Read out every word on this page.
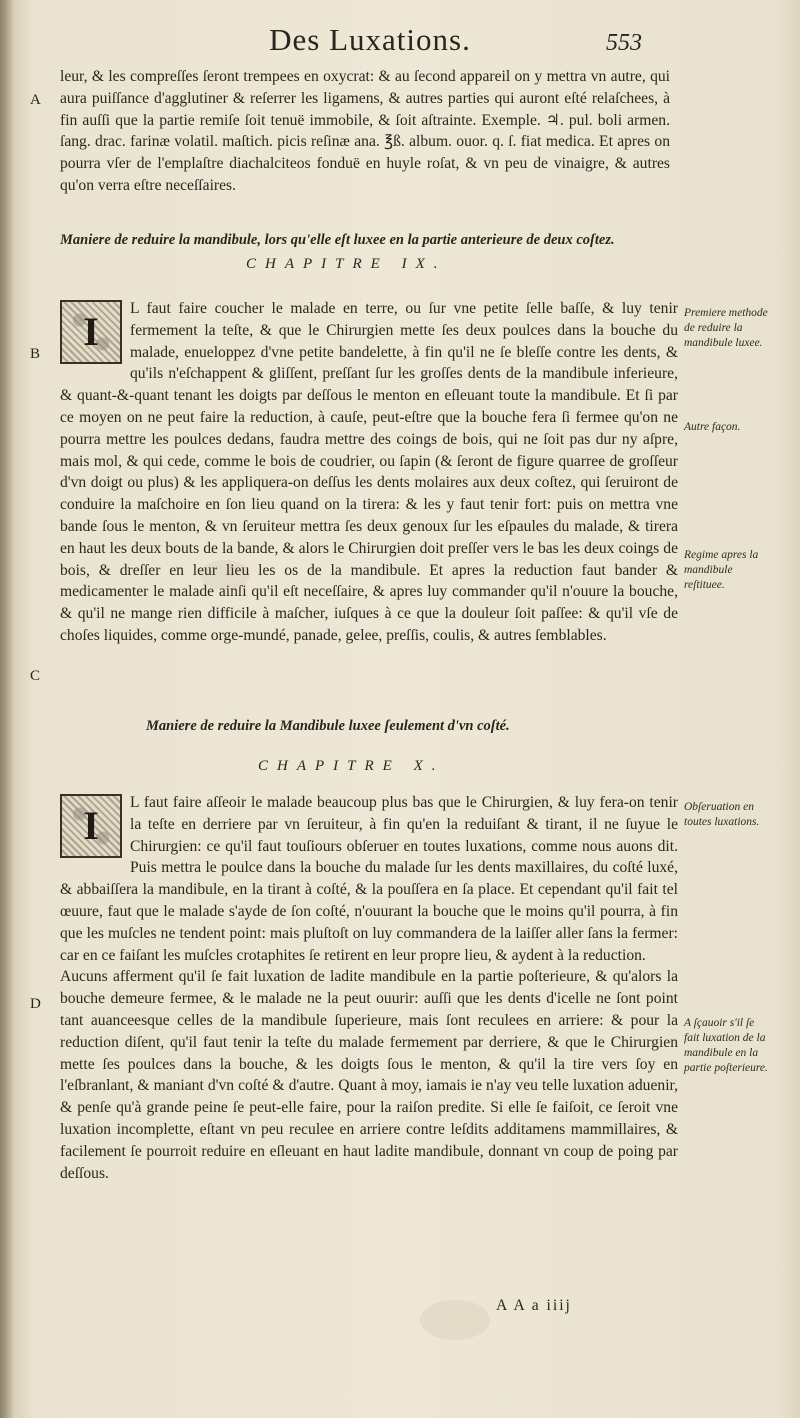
Des Luxations.	553
A
B
C
D

leur, & les compreſſes ſeront trempees en oxycrat: & au ſecond appareil on y mettra vn autre, qui aura puiſſance d'agglutiner & reſerrer les ligamens, & autres parties qui auront eſté relaſchees, à fin auſſi que la partie remiſe ſoit tenuë immobile, & ſoit aſtrainte. Exemple. ♃. pul. boli armen. ſang. drac. farinæ volatil. maſtich. picis reſinæ ana. ℥ß. album. ouor. q. ſ. fiat medica. Et apres on pourra vſer de l'emplaſtre diachalciteos fonduë en huyle roſat, & vn peu de vinaigre, & autres qu'on verra eſtre neceſſaires.

Maniere de reduire la mandibule, lors qu'elle eſt luxee en la partie anterieure de deux coſtez.
CHAPITRE IX.
I

L faut faire coucher le malade en terre, ou ſur vne petite ſelle baſſe, & luy tenir fermement la teſte, & que le Chirurgien mette ſes deux poulces dans la bouche du malade, enueloppez d'vne petite bandelette, à fin qu'il ne ſe bleſſe contre les dents, & qu'ils n'eſchappent & gliſſent, preſſant ſur les groſſes dents de la mandibule inferieure, & quant-&-quant tenant les doigts par deſſous le menton en eſleuant toute la mandibule. Et ſi par ce moyen on ne peut faire la reduction, à cauſe, peut-eſtre que la bouche fera ſi fermee qu'on ne pourra mettre les poulces dedans, faudra mettre des coings de bois, qui ne ſoit pas dur ny aſpre, mais mol, & qui cede, comme le bois de coudrier, ou ſapin (& ſeront de figure quarree de groſſeur d'vn doigt ou plus) & les appliquera-on deſſus les dents molaires aux deux coſtez, qui ſeruiront de conduire la maſchoire en ſon lieu quand on la tirera: & les y faut tenir fort: puis on mettra vne bande ſous le menton, & vn ſeruiteur mettra ſes deux genoux ſur les eſpaules du malade, & tirera en haut les deux bouts de la bande, & alors le Chirurgien doit preſſer vers le bas les deux coings de bois, & dreſſer en leur lieu les os de la mandibule. Et apres la reduction faut bander & medicamenter le malade ainſi qu'il eſt neceſſaire, & apres luy commander qu'il n'ouure la bouche, & qu'il ne mange rien difficile à maſcher, iuſques à ce que la douleur ſoit paſſee: & qu'il vſe de choſes liquides, comme orge-mundé, panade, gelee, preſſis, coulis, & autres ſemblables.

Premiere methode de reduire la mandibule luxee.
Autre façon.
Regime apres la mandibule reſtituee.
Maniere de reduire la Mandibule luxee ſeulement d'vn coſté.
CHAPITRE X.
I

L faut faire aſſeoir le malade beaucoup plus bas que le Chirurgien, & luy fera-on tenir la teſte en derriere par vn ſeruiteur, à fin qu'en la reduiſant & tirant, il ne ſuyue le Chirurgien: ce qu'il faut touſiours obſeruer en toutes luxations, comme nous auons dit. Puis mettra le poulce dans la bouche du malade ſur les dents maxillaires, du coſté luxé, & abbaiſſera la mandibule, en la tirant à coſté, & la pouſſera en ſa place. Et cependant qu'il fait tel œuure, faut que le malade s'ayde de ſon coſté, n'ouurant la bouche que le moins qu'il pourra, à fin que les muſcles ne tendent point: mais pluſtoſt on luy commandera de la laiſſer aller ſans la fermer: car en ce faiſant les muſcles crotaphites ſe retirent en leur propre lieu, & aydent à la reduction.

Aucuns afferment qu'il ſe fait luxation de ladite mandibule en la partie poſterieure, & qu'alors la bouche demeure fermee, & le malade ne la peut ouurir: auſſi que les dents d'icelle ne ſont point tant auanceesque celles de la mandibule ſuperieure, mais ſont reculees en arriere: & pour la reduction diſent, qu'il faut tenir la teſte du malade fermement par derriere, & que le Chirurgien mette ſes poulces dans la bouche, & les doigts ſous le menton, & qu'il la tire vers ſoy en l'eſbranlant, & maniant d'vn coſté & d'autre. Quant à moy, iamais ie n'ay veu telle luxation aduenir, & penſe qu'à grande peine ſe peut-elle faire, pour la raiſon predite. Si elle ſe faiſoit, ce ſeroit vne luxation incomplette, eſtant vn peu reculee en arriere contre leſdits additamens mammillaires, & facilement ſe pourroit reduire en eſleuant en haut ladite mandibule, donnant vn coup de poing par deſſous.

Obſeruation en toutes luxations.
A ſçauoir s'il ſe fait luxation de la mandibule en la partie poſterieure.
A A a iiij
